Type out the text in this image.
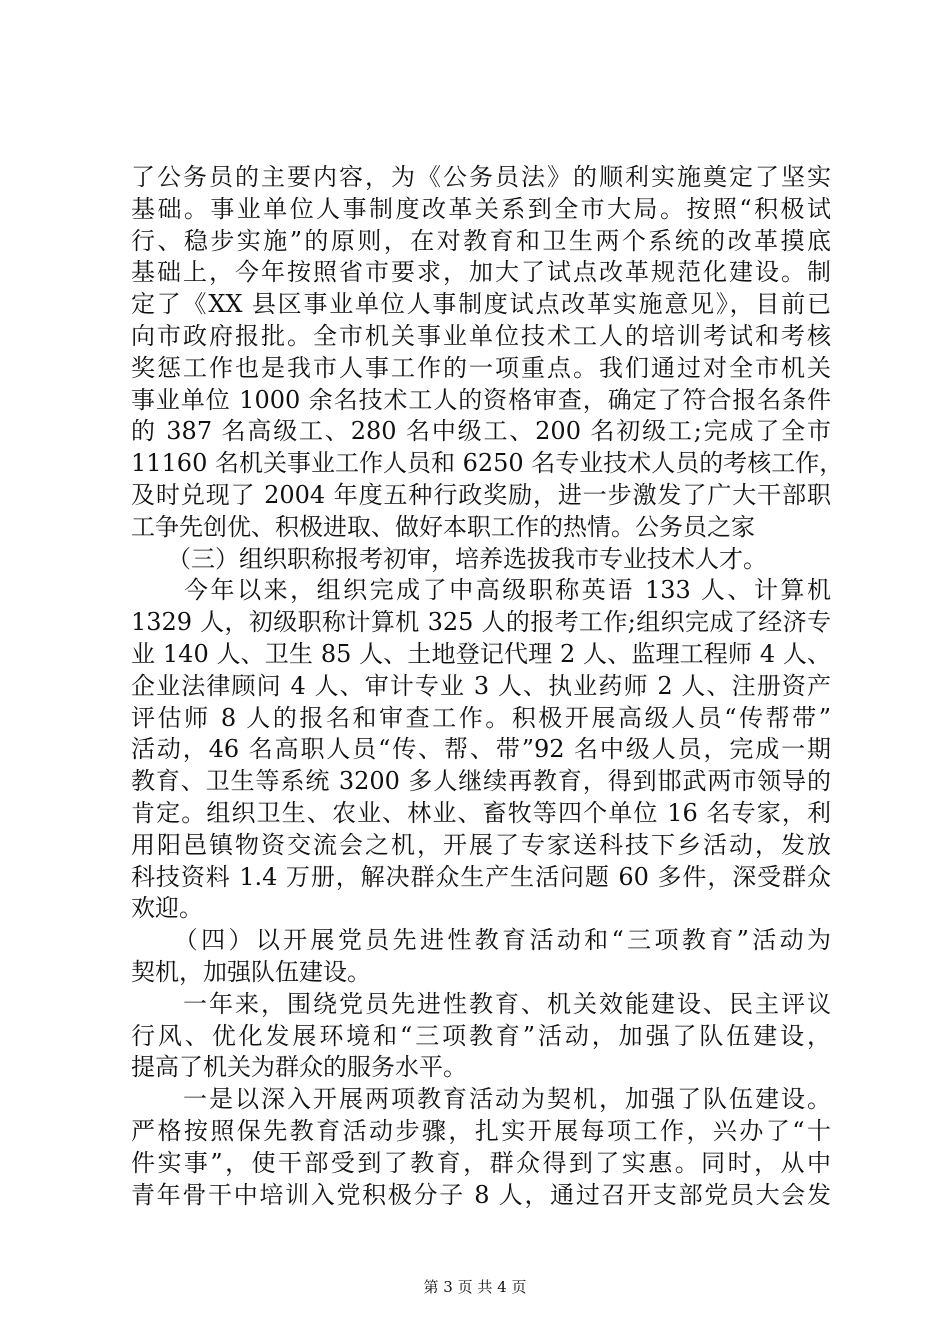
了公务员的主要内容，为《公务员法》的顺利实施奠定了坚实
基础。事业单位人事制度改革关系到全市大局。按照“积极试
行、稳步实施”的原则，在对教育和卫生两个系统的改革摸底
基础上，今年按照省市要求，加大了试点改革规范化建设。制
定了《XX 县区事业单位人事制度试点改革实施意见》，目前已
向市政府报批。全市机关事业单位技术工人的培训考试和考核
奖惩工作也是我市人事工作的一项重点。我们通过对全市机关
事业单位 1000 余名技术工人的资格审查，确定了符合报名条件
的 387 名高级工、280 名中级工、200 名初级工;完成了全市
11160 名机关事业工作人员和 6250 名专业技术人员的考核工作，
及时兑现了 2004 年度五种行政奖励，进一步激发了广大干部职
工争先创优、积极进取、做好本职工作的热情。公务员之家
　　（三）组织职称报考初审，培养选拔我市专业技术人才。
　　今年以来，组织完成了中高级职称英语 133 人、计算机
1329 人，初级职称计算机 325 人的报考工作;组织完成了经济专
业 140 人、卫生 85 人、土地登记代理 2 人、监理工程师 4 人、
企业法律顾问 4 人、审计专业 3 人、执业药师 2 人、注册资产
评估师 8 人的报名和审查工作。积极开展高级人员“传帮带”
活动，46 名高职人员“传、帮、带”92 名中级人员，完成一期
教育、卫生等系统 3200 多人继续再教育，得到邯武两市领导的
肯定。组织卫生、农业、林业、畜牧等四个单位 16 名专家，利
用阳邑镇物资交流会之机，开展了专家送科技下乡活动，发放
科技资料 1.4 万册，解决群众生产生活问题 60 多件，深受群众
欢迎。
　　（四）以开展党员先进性教育活动和“三项教育”活动为
契机，加强队伍建设。
　　一年来，围绕党员先进性教育、机关效能建设、民主评议
行风、优化发展环境和“三项教育”活动，加强了队伍建设，
提高了机关为群众的服务水平。
　　一是以深入开展两项教育活动为契机，加强了队伍建设。
严格按照保先教育活动步骤，扎实开展每项工作，兴办了“十
件实事”，使干部受到了教育，群众得到了实惠。同时，从中
青年骨干中培训入党积极分子 8 人，通过召开支部党员大会发
第 3 页 共 4 页
